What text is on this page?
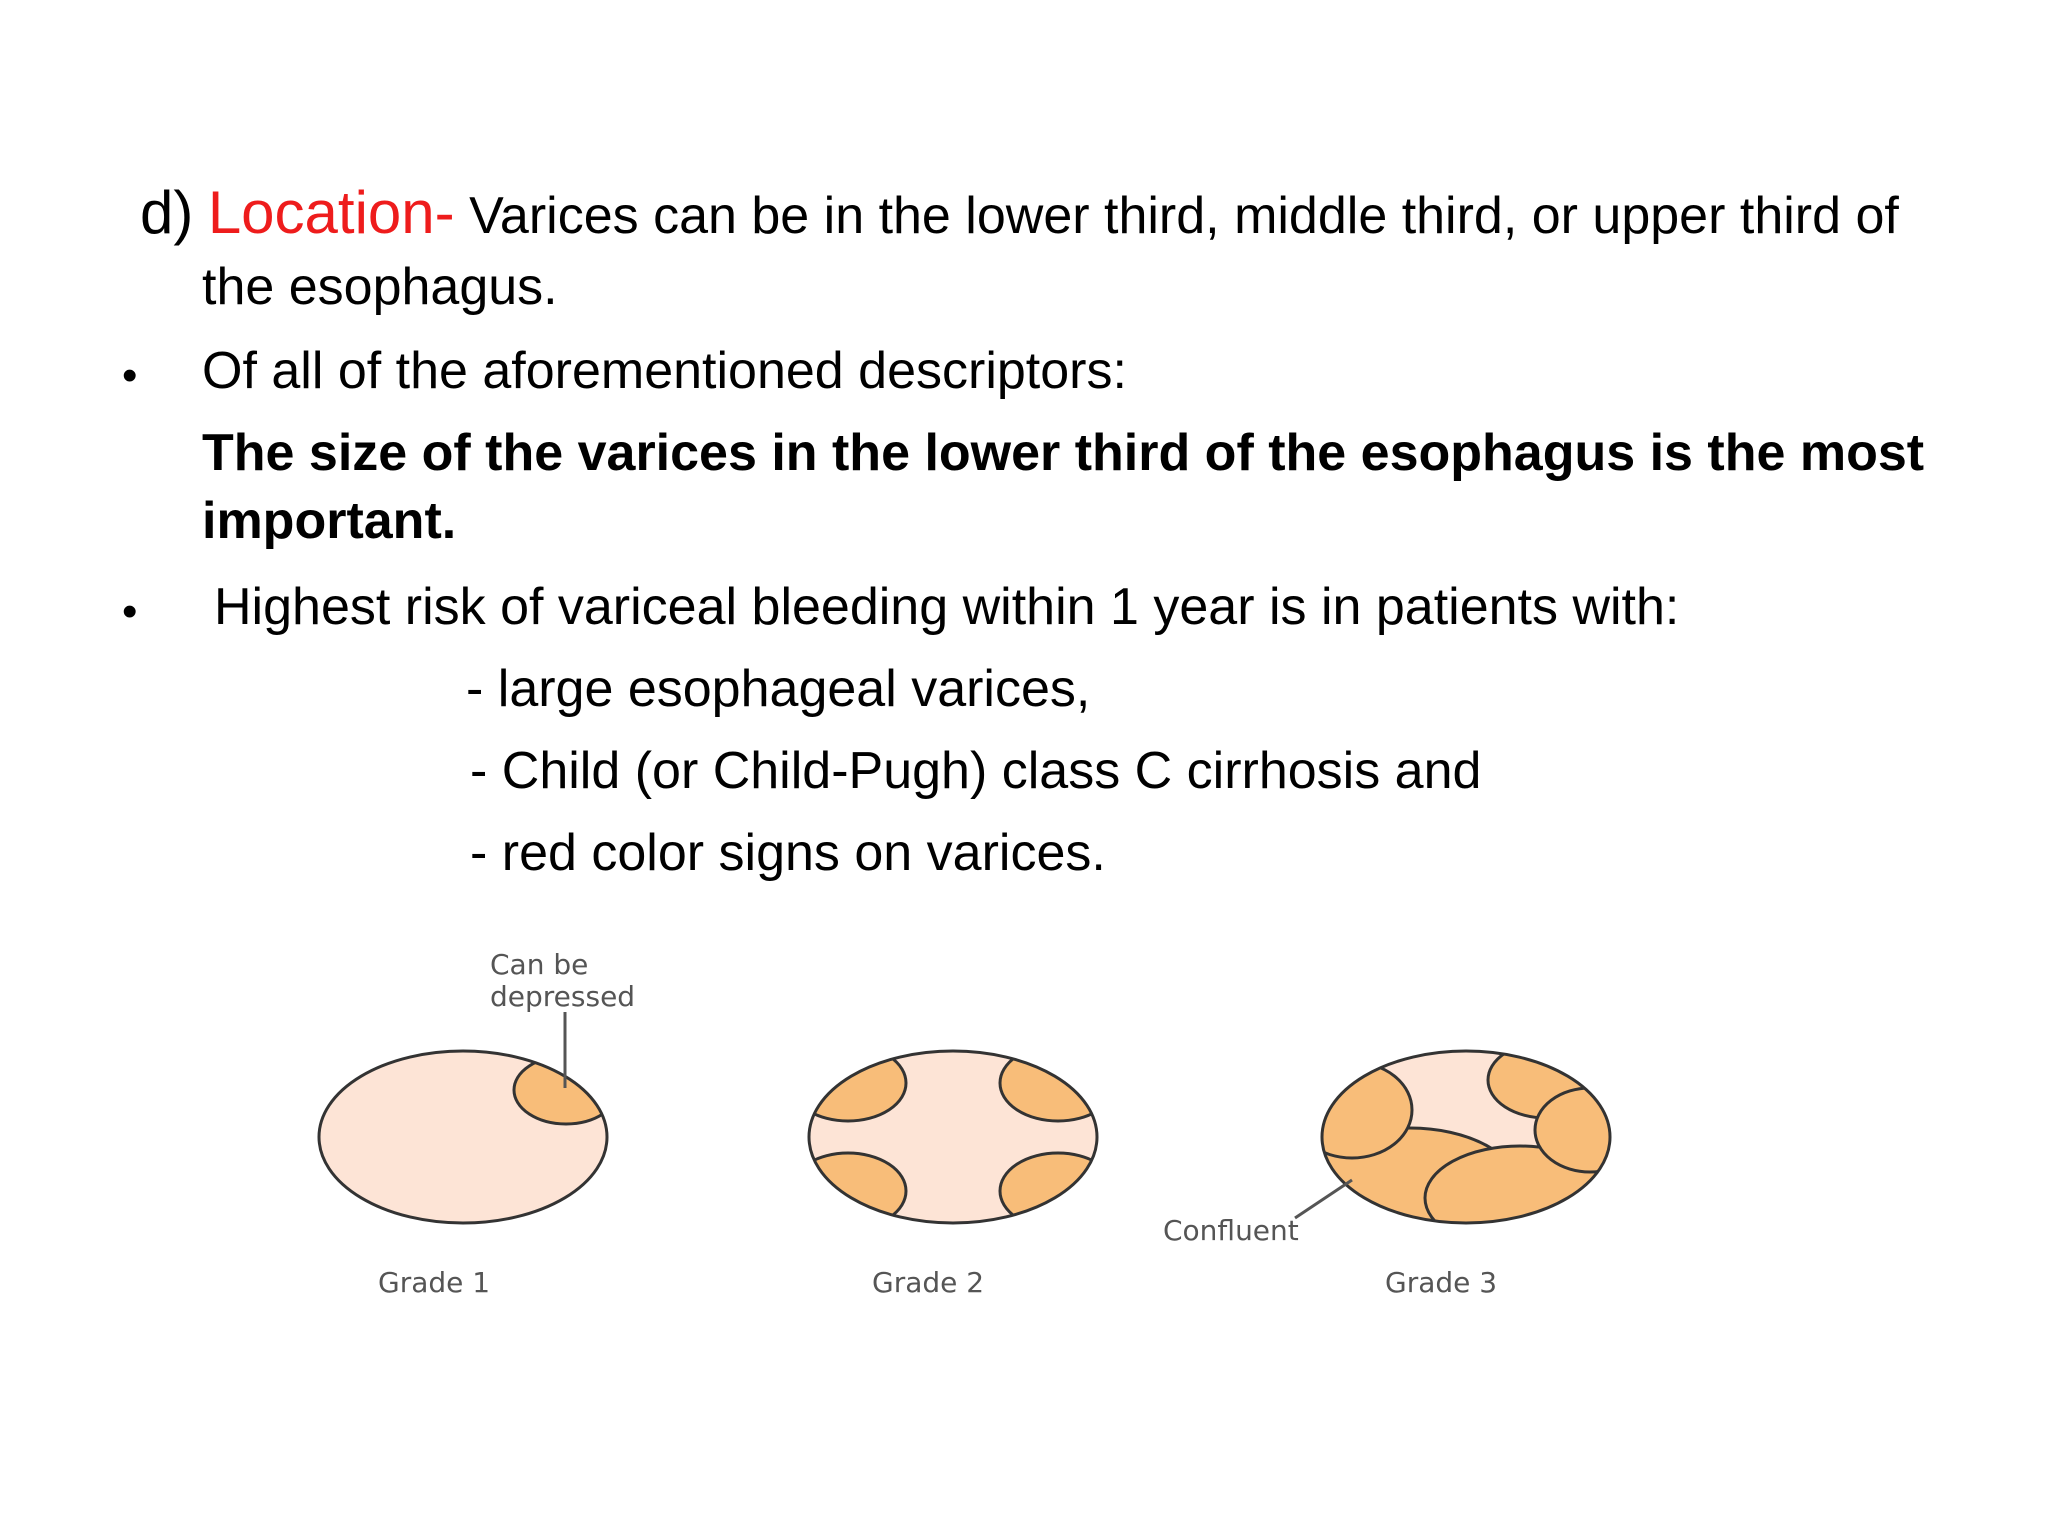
d) Location- Varices can be in the lower third, middle third, or upper third of
the esophagus.
• Of all of the aforementioned descriptors:
The size of the varices in the lower third of the esophagus is the most
important.
• Highest risk of variceal bleeding within 1 year is in patients with:
- large esophageal varices,
- Child (or Child-Pugh) class C cirrhosis and
- red color signs on varices.
Can be
depressed
Grade 1	Grade 2
Confluent
Grade 3
